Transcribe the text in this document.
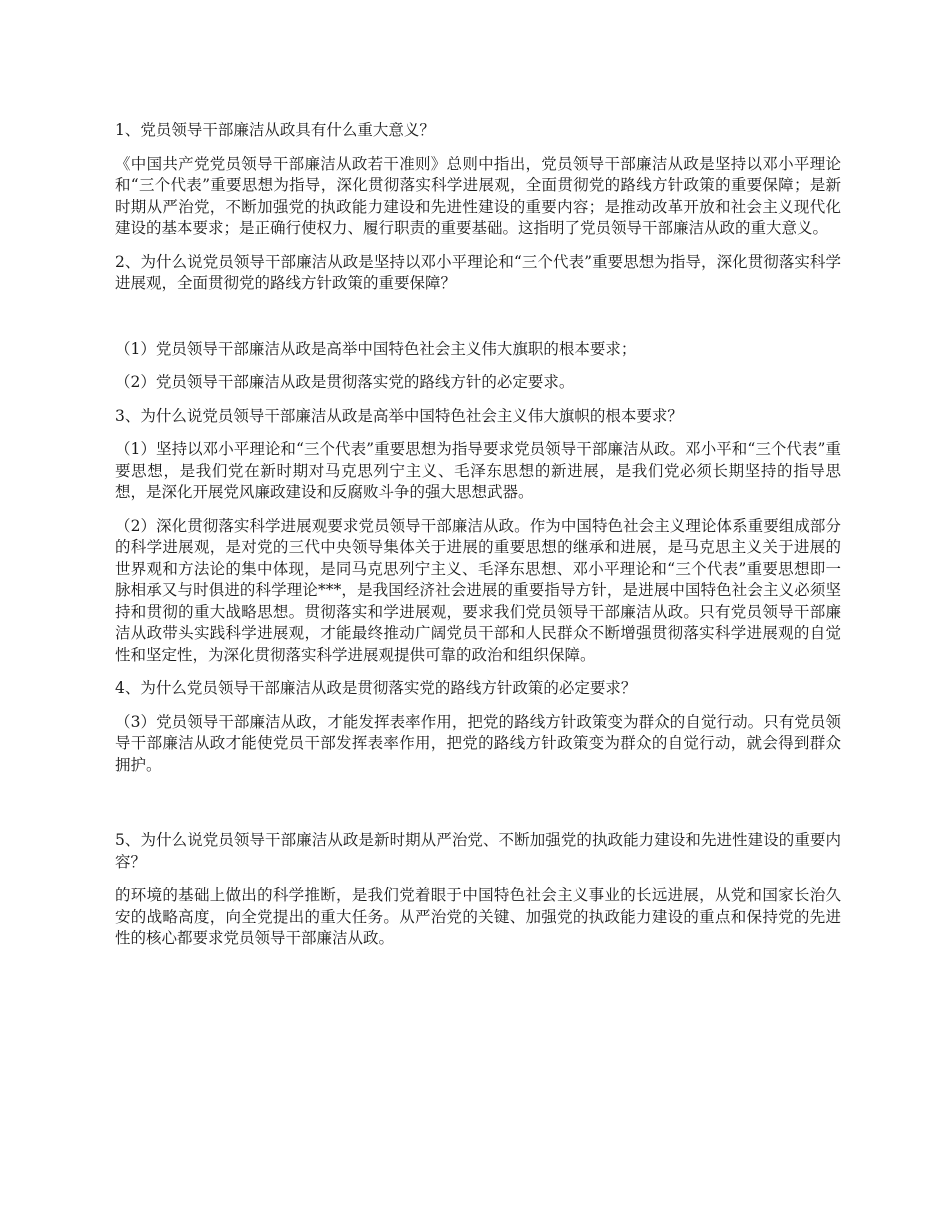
1、党员领导干部廉洁从政具有什么重大意义？

《中国共产党党员领导干部廉洁从政若干准则》总则中指出，党员领导干部廉洁从政是坚持以邓小平理论和“三个代表”重要思想为指导，深化贯彻落实科学进展观，全面贯彻党的路线方针政策的重要保障；是新时期从严治党，不断加强党的执政能力建设和先进性建设的重要内容；是推动改革开放和社会主义现代化建设的基本要求；是正确行使权力、履行职责的重要基础。这指明了党员领导干部廉洁从政的重大意义。

2、为什么说党员领导干部廉洁从政是坚持以邓小平理论和“三个代表”重要思想为指导，深化贯彻落实科学进展观，全面贯彻党的路线方针政策的重要保障？

（1）党员领导干部廉洁从政是高举中国特色社会主义伟大旗职的根本要求；

（2）党员领导干部廉洁从政是贯彻落实党的路线方针的必定要求。

3、为什么说党员领导干部廉洁从政是高举中国特色社会主义伟大旗帜的根本要求？

（1）坚持以邓小平理论和“三个代表”重要思想为指导要求党员领导干部廉洁从政。邓小平和“三个代表”重要思想，是我们党在新时期对马克思列宁主义、毛泽东思想的新进展，是我们党必须长期坚持的指导思想，是深化开展党风廉政建设和反腐败斗争的强大思想武器。

（2）深化贯彻落实科学进展观要求党员领导干部廉洁从政。作为中国特色社会主义理论体系重要组成部分的科学进展观，是对党的三代中央领导集体关于进展的重要思想的继承和进展，是马克思主义关于进展的世界观和方法论的集中体现，是同马克思列宁主义、毛泽东思想、邓小平理论和“三个代表”重要思想即一脉相承又与时俱进的科学理论***，是我国经济社会进展的重要指导方针，是进展中国特色社会主义必须坚持和贯彻的重大战略思想。贯彻落实和学进展观，要求我们党员领导干部廉洁从政。只有党员领导干部廉洁从政带头实践科学进展观，才能最终推动广阔党员干部和人民群众不断增强贯彻落实科学进展观的自觉性和坚定性，为深化贯彻落实科学进展观提供可靠的政治和组织保障。

4、为什么党员领导干部廉洁从政是贯彻落实党的路线方针政策的必定要求？

（3）党员领导干部廉洁从政，才能发挥表率作用，把党的路线方针政策变为群众的自觉行动。只有党员领导干部廉洁从政才能使党员干部发挥表率作用，把党的路线方针政策变为群众的自觉行动，就会得到群众拥护。

5、为什么说党员领导干部廉洁从政是新时期从严治党、不断加强党的执政能力建设和先进性建设的重要内容？

的环境的基础上做出的科学推断，是我们党着眼于中国特色社会主义事业的长远进展，从党和国家长治久安的战略高度，向全党提出的重大任务。从严治党的关键、加强党的执政能力建设的重点和保持党的先进性的核心都要求党员领导干部廉洁从政。
